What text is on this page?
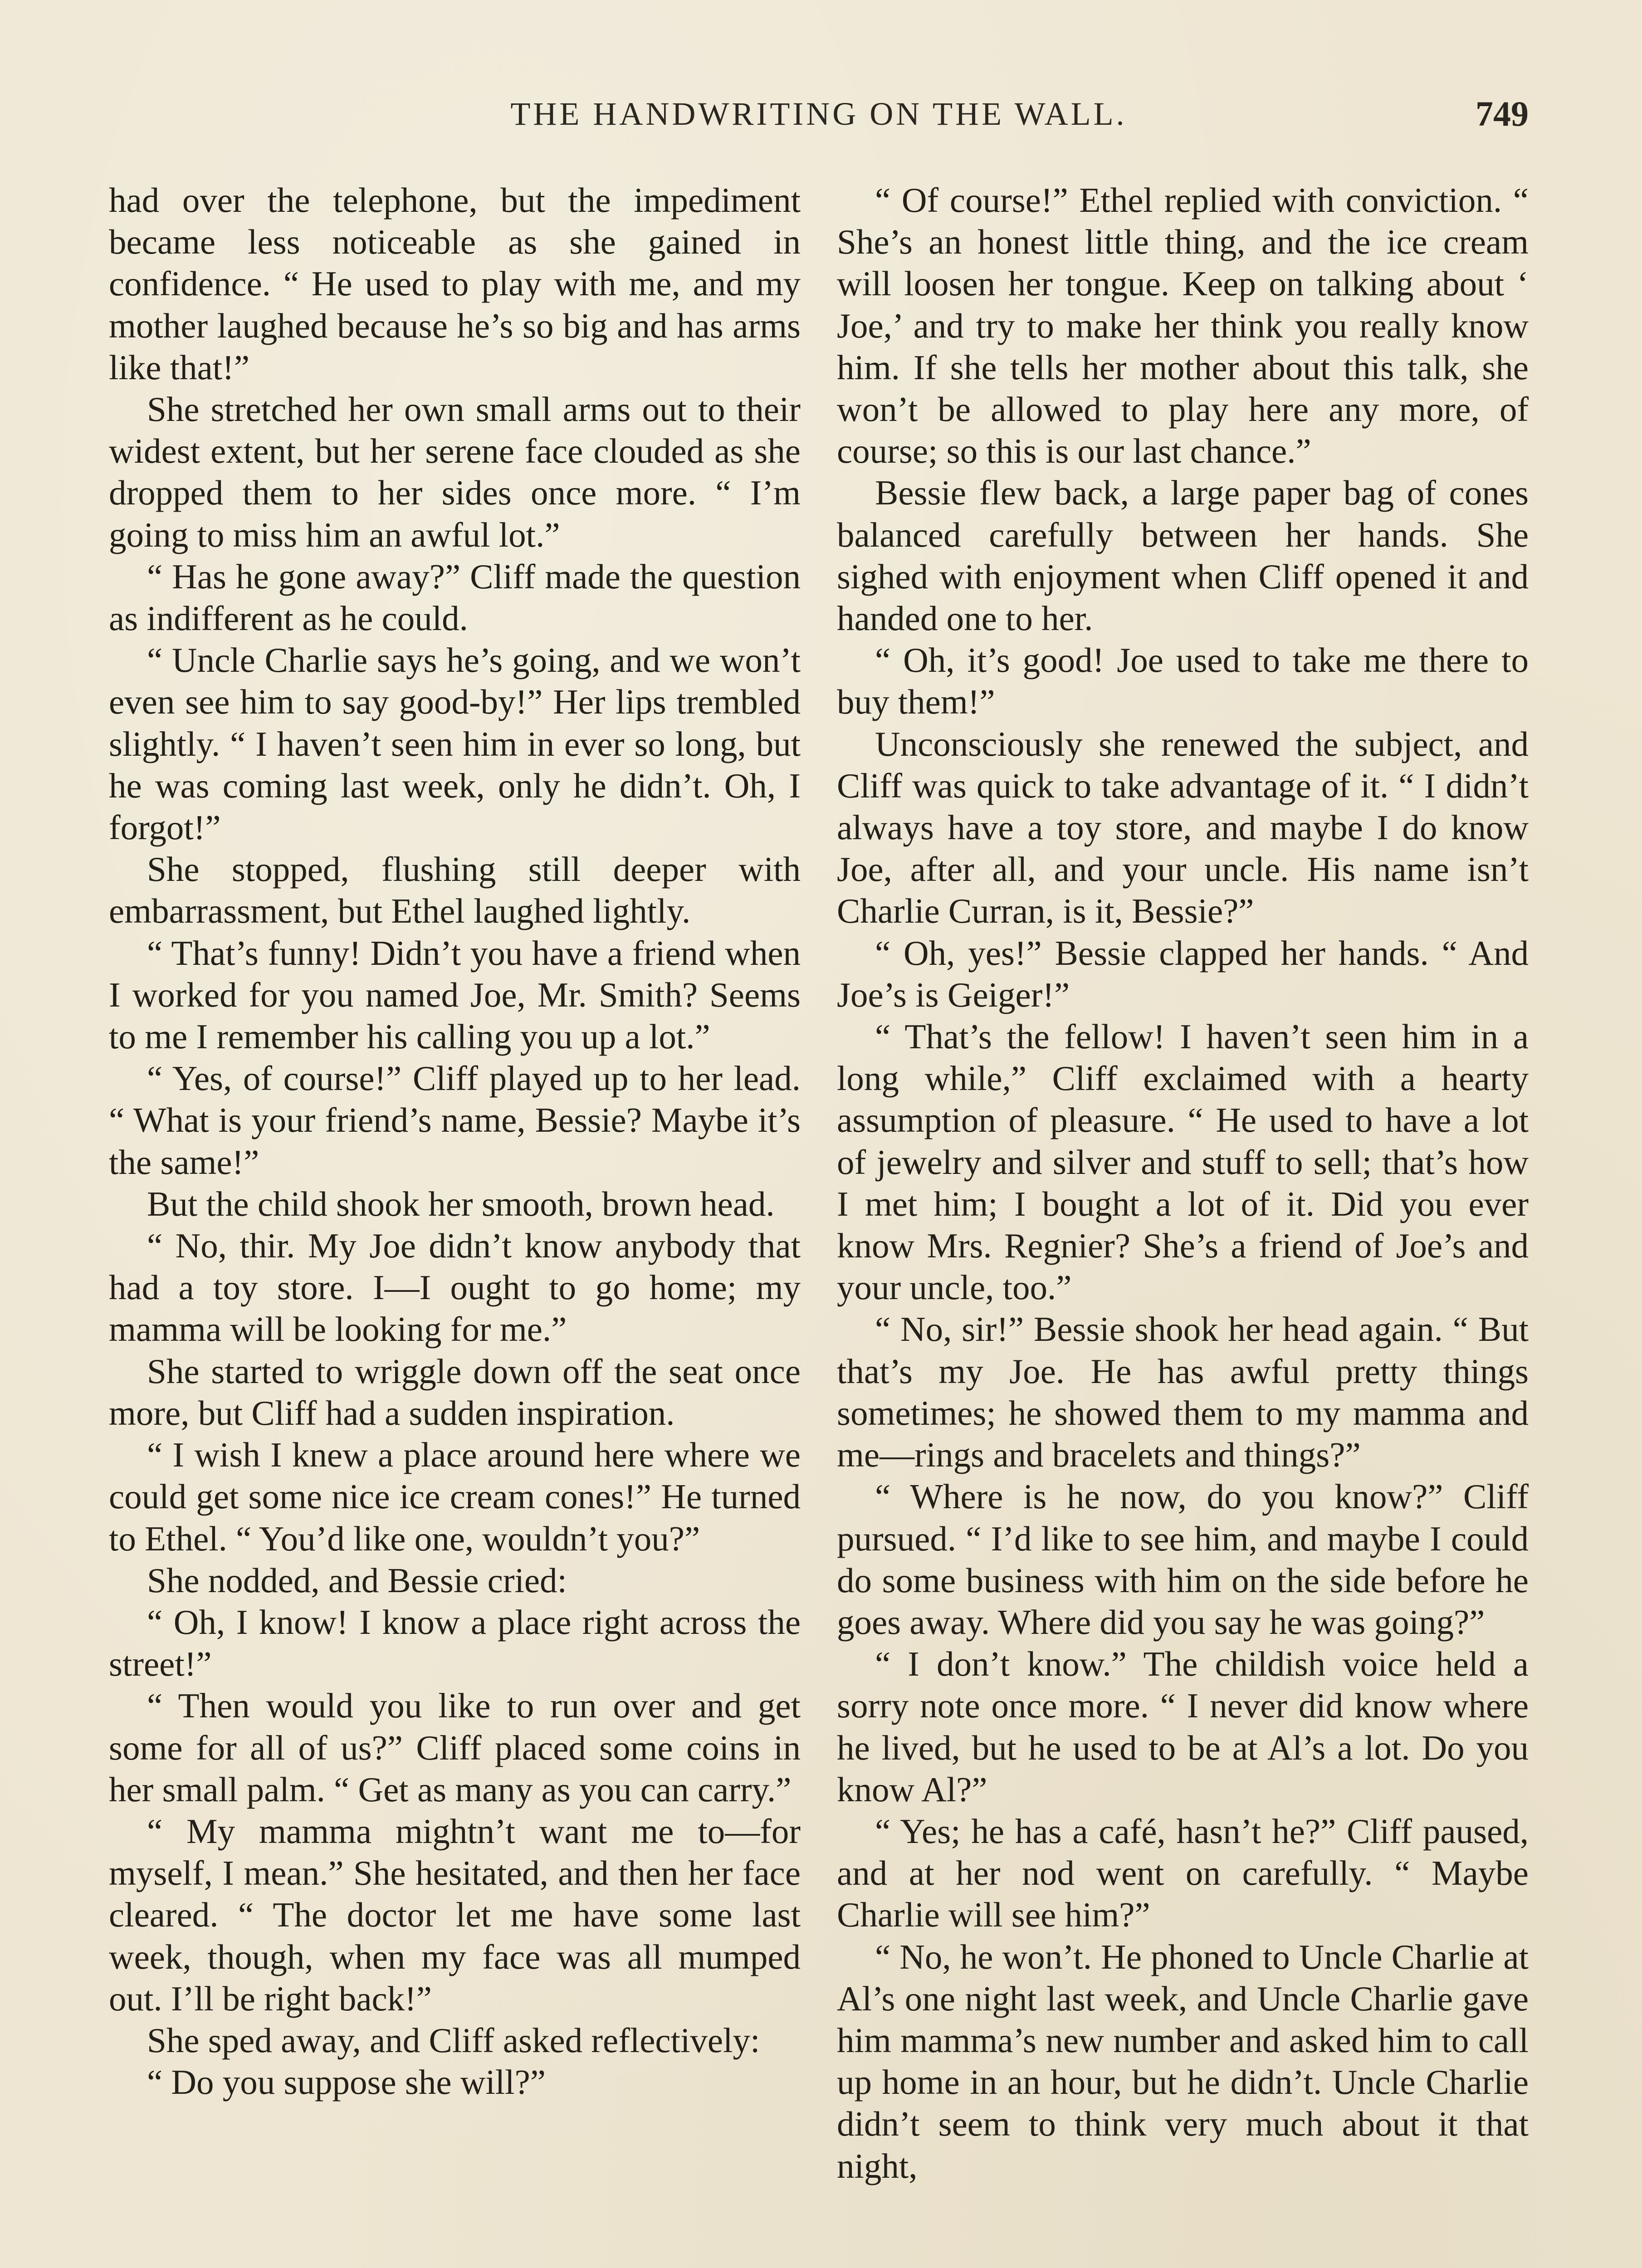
THE HANDWRITING ON THE WALL.	749

had over the telephone, but the impediment became less noticeable as she gained in confidence. “ He used to play with me, and my mother laughed because he’s so big and has arms like that!”

She stretched her own small arms out to their widest extent, but her serene face clouded as she dropped them to her sides once more. “ I’m going to miss him an awful lot.”

“ Has he gone away?” Cliff made the question as indifferent as he could.

“ Uncle Charlie says he’s going, and we won’t even see him to say good-by!” Her lips trembled slightly. “ I haven’t seen him in ever so long, but he was coming last week, only he didn’t. Oh, I forgot!”

She stopped, flushing still deeper with embarrassment, but Ethel laughed lightly.

“ That’s funny! Didn’t you have a friend when I worked for you named Joe, Mr. Smith? Seems to me I remember his calling you up a lot.”

“ Yes, of course!” Cliff played up to her lead. “ What is your friend’s name, Bessie? Maybe it’s the same!”

But the child shook her smooth, brown head.

“ No, thir. My Joe didn’t know anybody that had a toy store. I—I ought to go home; my mamma will be looking for me.”

She started to wriggle down off the seat once more, but Cliff had a sudden inspiration.

“ I wish I knew a place around here where we could get some nice ice cream cones!” He turned to Ethel. “ You’d like one, wouldn’t you?”

She nodded, and Bessie cried:

“ Oh, I know! I know a place right across the street!”

“ Then would you like to run over and get some for all of us?” Cliff placed some coins in her small palm. “ Get as many as you can carry.”

“ My mamma mightn’t want me to—for myself, I mean.” She hesitated, and then her face cleared. “ The doctor let me have some last week, though, when my face was all mumped out. I’ll be right back!”

She sped away, and Cliff asked reflectively:

“ Do you suppose she will?”

“ Of course!” Ethel replied with conviction. “ She’s an honest little thing, and the ice cream will loosen her tongue. Keep on talking about ‘ Joe,’ and try to make her think you really know him. If she tells her mother about this talk, she won’t be allowed to play here any more, of course; so this is our last chance.”

Bessie flew back, a large paper bag of cones balanced carefully between her hands. She sighed with enjoyment when Cliff opened it and handed one to her.

“ Oh, it’s good! Joe used to take me there to buy them!”

Unconsciously she renewed the subject, and Cliff was quick to take advantage of it. “ I didn’t always have a toy store, and maybe I do know Joe, after all, and your uncle. His name isn’t Charlie Curran, is it, Bessie?”

“ Oh, yes!” Bessie clapped her hands. “ And Joe’s is Geiger!”

“ That’s the fellow! I haven’t seen him in a long while,” Cliff exclaimed with a hearty assumption of pleasure. “ He used to have a lot of jewelry and silver and stuff to sell; that’s how I met him; I bought a lot of it. Did you ever know Mrs. Regnier? She’s a friend of Joe’s and your uncle, too.”

“ No, sir!” Bessie shook her head again. “ But that’s my Joe. He has awful pretty things sometimes; he showed them to my mamma and me—rings and bracelets and things?”

“ Where is he now, do you know?” Cliff pursued. “ I’d like to see him, and maybe I could do some business with him on the side before he goes away. Where did you say he was going?”

“ I don’t know.” The childish voice held a sorry note once more. “ I never did know where he lived, but he used to be at Al’s a lot. Do you know Al?”

“ Yes; he has a café, hasn’t he?” Cliff paused, and at her nod went on carefully. “ Maybe Charlie will see him?”

“ No, he won’t. He phoned to Uncle Charlie at Al’s one night last week, and Uncle Charlie gave him mamma’s new number and asked him to call up home in an hour, but he didn’t. Uncle Charlie didn’t seem to think very much about it that night,
